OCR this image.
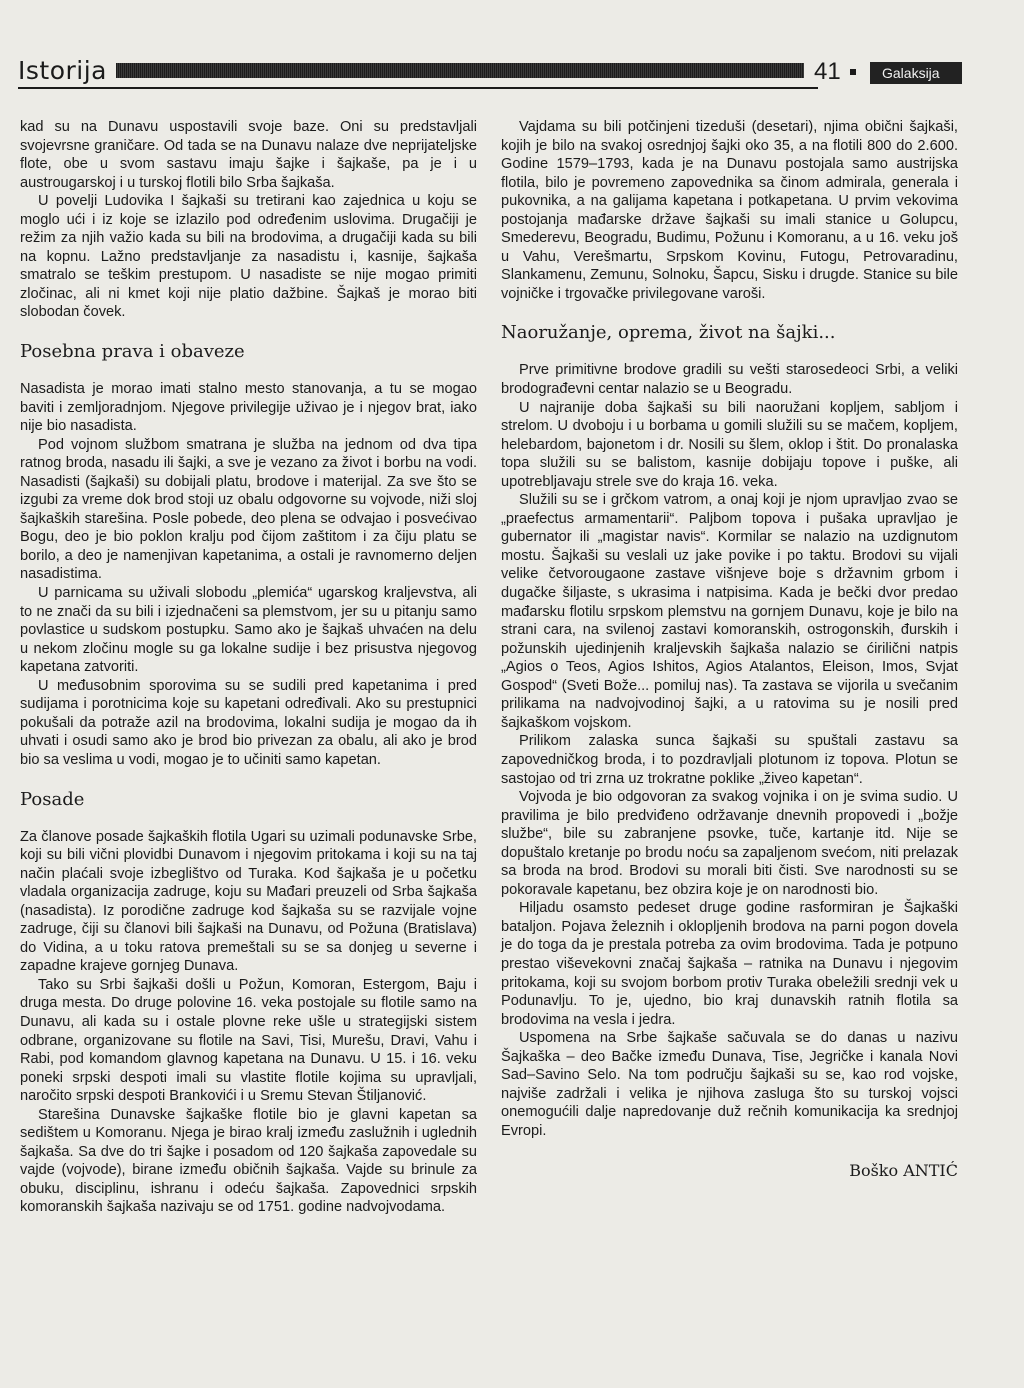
Istorija	41	Galaksija

kad su na Dunavu uspostavili svoje baze. Oni su predstavljali svojevrsne graničare. Od tada se na Dunavu nalaze dve neprijateljske flote, obe u svom sastavu imaju šajke i šajkaše, pa je i u austrougarskoj i u turskoj flotili bilo Srba šajkaša.

U povelji Ludovika I šajkaši su tretirani kao zajednica u koju se moglo ući i iz koje se izlazilo pod određenim uslovima. Drugačiji je režim za njih važio kada su bili na brodovima, a drugačiji kada su bili na kopnu. Lažno predstavljanje za nasadistu i, kasnije, šajkaša smatralo se teškim prestupom. U nasadiste se nije mogao primiti zločinac, ali ni kmet koji nije platio dažbine. Šajkaš je morao biti slobodan čovek.

Posebna prava i obaveze

Nasadista je morao imati stalno mesto stanovanja, a tu se mogao baviti i zemljoradnjom. Njegove privilegije uživao je i njegov brat, iako nije bio nasadista.

Pod vojnom službom smatrana je služba na jednom od dva tipa ratnog broda, nasadu ili šajki, a sve je vezano za život i borbu na vodi. Nasadisti (šajkaši) su dobijali platu, brodove i materijal. Za sve što se izgubi za vreme dok brod stoji uz obalu odgovorne su vojvode, niži sloj šajkaških starešina. Posle pobede, deo plena se odvajao i posvećivao Bogu, deo je bio poklon kralju pod čijom zaštitom i za čiju platu se borilo, a deo je namenjivan kapetanima, a ostali je ravnomerno deljen nasadistima.

U parnicama su uživali slobodu „plemića“ ugarskog kraljevstva, ali to ne znači da su bili i izjednačeni sa plemstvom, jer su u pitanju samo povlastice u sudskom postupku. Samo ako je šajkaš uhvaćen na delu u nekom zločinu mogle su ga lokalne sudije i bez prisustva njegovog kapetana zatvoriti.

U međusobnim sporovima su se sudili pred kapetanima i pred sudijama i porotnicima koje su kapetani određivali. Ako su prestupnici pokušali da potraže azil na brodovima, lokalni sudija je mogao da ih uhvati i osudi samo ako je brod bio privezan za obalu, ali ako je brod bio sa veslima u vodi, mogao je to učiniti samo kapetan.

Posade

Za članove posade šajkaških flotila Ugari su uzimali podunavske Srbe, koji su bili vični plovidbi Dunavom i njegovim pritokama i koji su na taj način plaćali svoje izbeglištvo od Turaka. Kod šajkaša je u početku vladala organizacija zadruge, koju su Mađari preuzeli od Srba šajkaša (nasadista). Iz porodične zadruge kod šajkaša su se razvijale vojne zadruge, čiji su članovi bili šajkaši na Dunavu, od Požuna (Bratislava) do Vidina, a u toku ratova premeštali su se sa donjeg u severne i zapadne krajeve gornjeg Dunava.

Tako su Srbi šajkaši došli u Požun, Komoran, Estergom, Baju i druga mesta. Do druge polovine 16. veka postojale su flotile samo na Dunavu, ali kada su i ostale plovne reke ušle u strategijski sistem odbrane, organizovane su flotile na Savi, Tisi, Murešu, Dravi, Vahu i Rabi, pod komandom glavnog kapetana na Dunavu. U 15. i 16. veku poneki srpski despoti imali su vlastite flotile kojima su upravljali, naročito srpski despoti Brankovići i u Sremu Stevan Štiljanović.

Starešina Dunavske šajkaške flotile bio je glavni kapetan sa sedištem u Komoranu. Njega je birao kralj između zaslužnih i uglednih šajkaša. Sa dve do tri šajke i posadom od 120 šajkaša zapovedale su vajde (vojvode), birane između običnih šajkaša. Vajde su brinule za obuku, disciplinu, ishranu i odeću šajkaša. Zapovednici srpskih komoranskih šajkaša nazivaju se od 1751. godine nadvojvodama.

Vajdama su bili potčinjeni tizeduši (desetari), njima obični šajkaši, kojih je bilo na svakoj osrednjoj šajki oko 35, a na flotili 800 do 2.600. Godine 1579–1793, kada je na Dunavu postojala samo austrijska flotila, bilo je povremeno zapovednika sa činom admirala, generala i pukovnika, a na galijama kapetana i potkapetana. U prvim vekovima postojanja mađarske države šajkaši su imali stanice u Golupcu, Smederevu, Beogradu, Budimu, Požunu i Komoranu, a u 16. veku još u Vahu, Verešmartu, Srpskom Kovinu, Futogu, Petrovaradinu, Slankamenu, Zemunu, Solnoku, Šapcu, Sisku i drugde. Stanice su bile vojničke i trgovačke privilegovane varoši.

Naoružanje, oprema, život na šajki...

Prve primitivne brodove gradili su vešti starosedeoci Srbi, a veliki brodograđevni centar nalazio se u Beogradu.

U najranije doba šajkaši su bili naoružani kopljem, sabljom i strelom. U dvoboju i u borbama u gomili služili su se mačem, kopljem, helebardom, bajonetom i dr. Nosili su šlem, oklop i štit. Do pronalaska topa služili su se balistom, kasnije dobijaju topove i puške, ali upotrebljavaju strele sve do kraja 16. veka.

Služili su se i grčkom vatrom, a onaj koji je njom upravljao zvao se „praefectus armamentarii“. Paljbom topova i pušaka upravljao je gubernator ili „magistar navis“. Kormilar se nalazio na uzdignutom mostu. Šajkaši su veslali uz jake povike i po taktu. Brodovi su vijali velike četvorougaone zastave višnjeve boje s državnim grbom i dugačke šiljaste, s ukrasima i natpisima. Kada je bečki dvor predao mađarsku flotilu srpskom plemstvu na gornjem Dunavu, koje je bilo na strani cara, na svilenoj zastavi komoranskih, ostrogonskih, đurskih i požunskih ujedinjenih kraljevskih šajkaša nalazio se ćirilični natpis „Agios o Teos, Agios Ishitos, Agios Atalantos, Eleison, Imos, Svjat Gospod“ (Sveti Bože... pomiluj nas). Ta zastava se vijorila u svečanim prilikama na nadvojvodinoj šajki, a u ratovima su je nosili pred šajkaškom vojskom.

Prilikom zalaska sunca šajkaši su spuštali zastavu sa zapovedničkog broda, i to pozdravljali plotunom iz topova. Plotun se sastojao od tri zrna uz trokratne poklike „živeo kapetan“.

Vojvoda je bio odgovoran za svakog vojnika i on je svima sudio. U pravilima je bilo predviđeno održavanje dnevnih propovedi i „božje službe“, bile su zabranjene psovke, tuče, kartanje itd. Nije se dopuštalo kretanje po brodu noću sa zapaljenom svećom, niti prelazak sa broda na brod. Brodovi su morali biti čisti. Sve narodnosti su se pokoravale kapetanu, bez obzira koje je on narodnosti bio.

Hiljadu osamsto pedeset druge godine rasformiran je Šajkaški bataljon. Pojava železnih i oklopljenih brodova na parni pogon dovela je do toga da je prestala potreba za ovim brodovima. Tada je potpuno prestao viševekovni značaj šajkaša – ratnika na Dunavu i njegovim pritokama, koji su svojom borbom protiv Turaka obeležili srednji vek u Podunavlju. To je, ujedno, bio kraj dunavskih ratnih flotila sa brodovima na vesla i jedra.

Uspomena na Srbe šajkaše sačuvala se do danas u nazivu Šajkaška – deo Bačke između Dunava, Tise, Jegričke i kanala Novi Sad–Savino Selo. Na tom području šajkaši su se, kao rod vojske, najviše zadržali i velika je njihova zasluga što su turskoj vojsci onemogućili dalje napredovanje duž rečnih komunikacija ka srednjoj Evropi.

Boško ANTIĆ
